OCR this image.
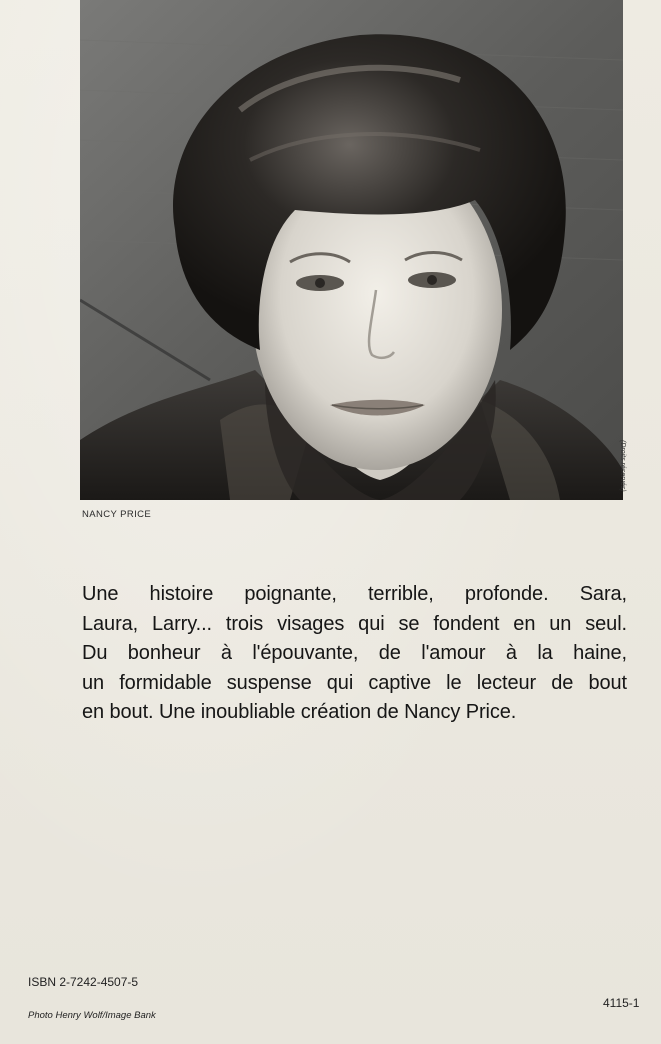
(Droits réservés)
NANCY PRICE
Une histoire poignante, terrible, profonde. Sara,
Laura, Larry... trois visages qui se fondent en un seul.
Du bonheur à l'épouvante, de l'amour à la haine,
un formidable suspense qui captive le lecteur de bout
en bout. Une inoubliable création de Nancy Price.
ISBN 2-7242-4507-5
Photo Henry Wolf/Image Bank
4115-1
